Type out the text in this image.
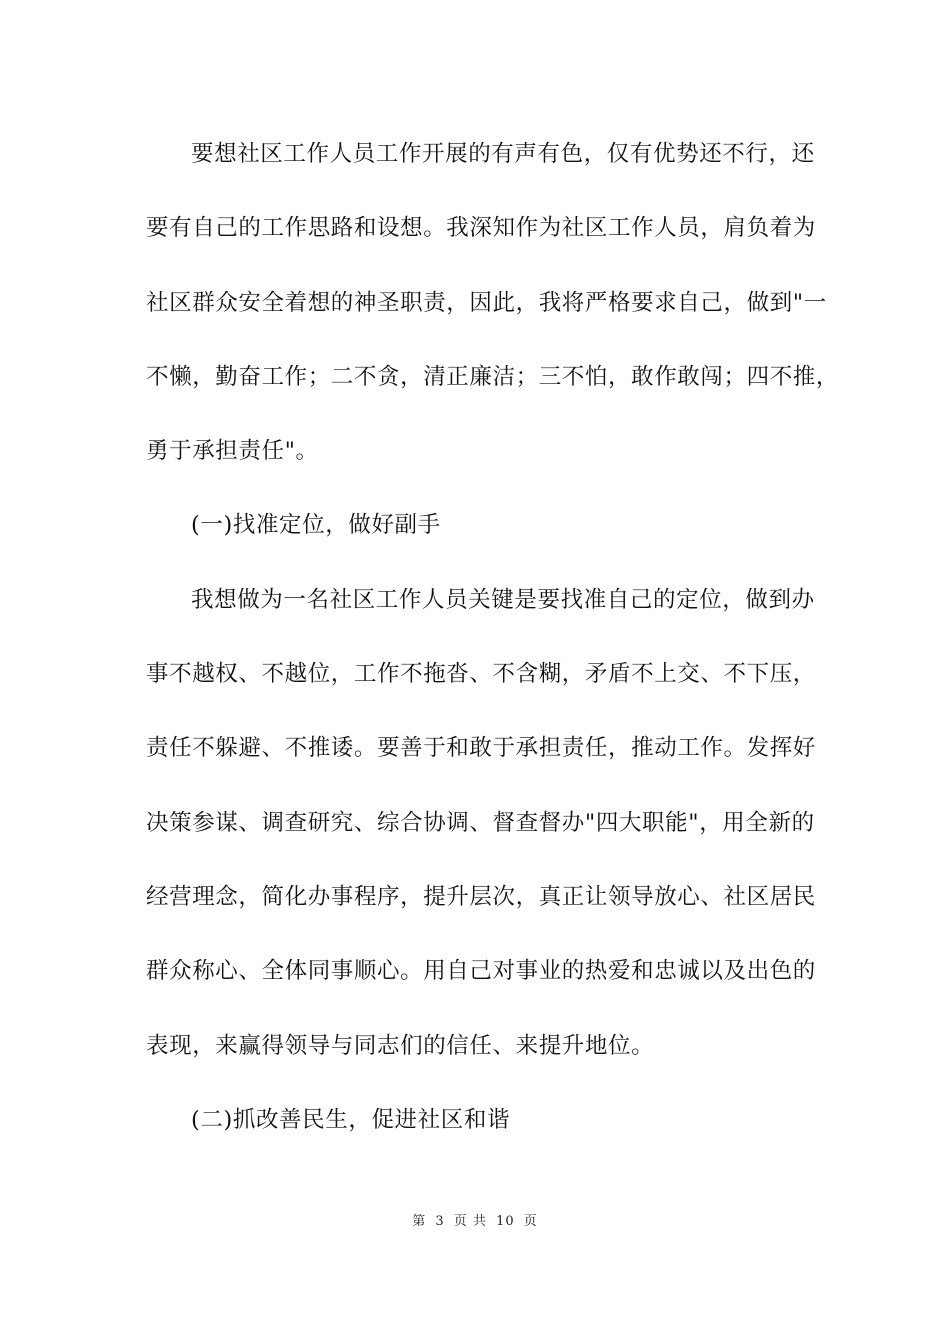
要想社区工作人员工作开展的有声有色，仅有优势还不行，还
要有自己的工作思路和设想。我深知作为社区工作人员，肩负着为
社区群众安全着想的神圣职责，因此，我将严格要求自己，做到"一
不懒，勤奋工作；二不贪，清正廉洁；三不怕，敢作敢闯；四不推，
勇于承担责任"。
(一)找准定位，做好副手
我想做为一名社区工作人员关键是要找准自己的定位，做到办
事不越权、不越位，工作不拖沓、不含糊，矛盾不上交、不下压，
责任不躲避、不推诿。要善于和敢于承担责任，推动工作。发挥好
决策参谋、调查研究、综合协调、督查督办"四大职能"，用全新的
经营理念，简化办事程序，提升层次，真正让领导放心、社区居民
群众称心、全体同事顺心。用自己对事业的热爱和忠诚以及出色的
表现，来赢得领导与同志们的信任、来提升地位。
(二)抓改善民生，促进社区和谐
第 3 页 共 10 页
